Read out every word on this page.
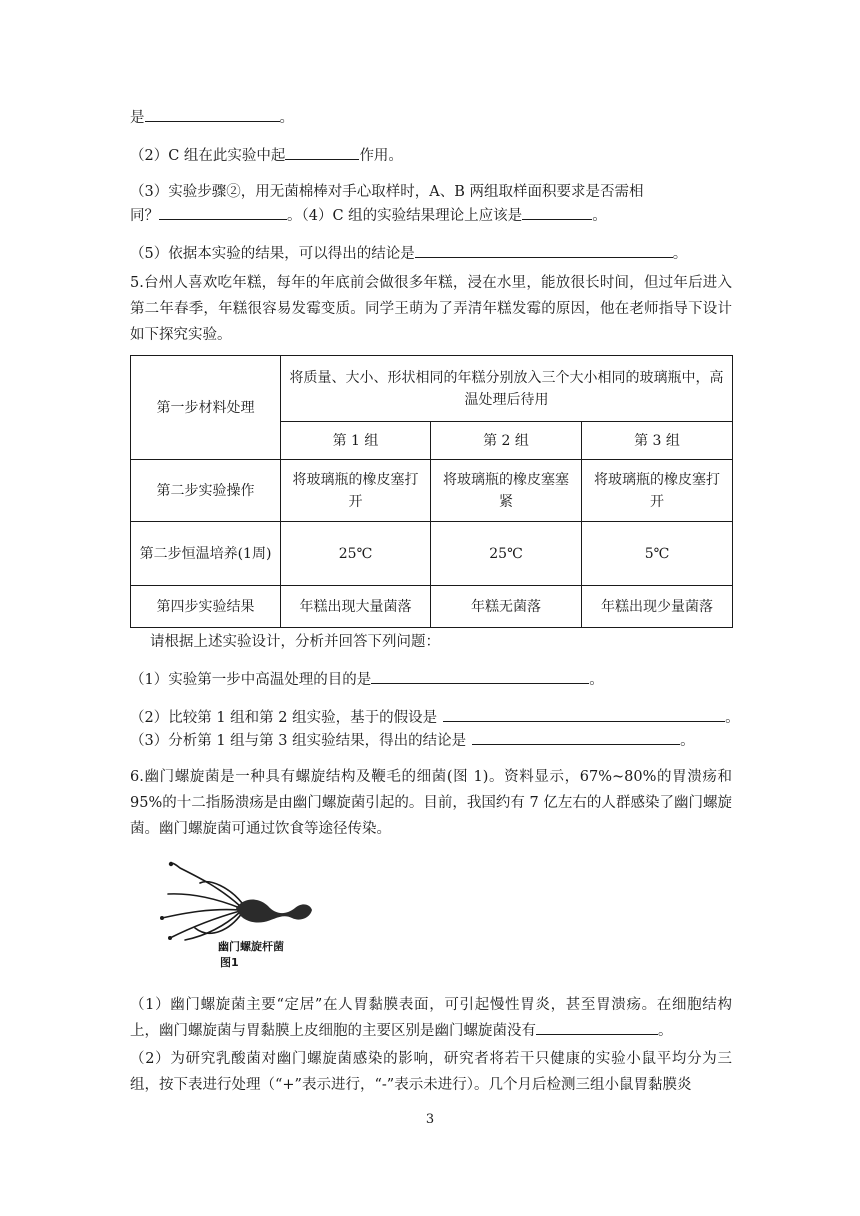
是	。
（2）C 组在此实验中起	作用。
（3）实验步骤②，用无菌棉棒对手心取样时，A、B 两组取样面积要求是否需相
同？	。（4）C 组的实验结果理论上应该是	。
（5）依据本实验的结果，可以得出的结论是	。
5.台州人喜欢吃年糕，每年的年底前会做很多年糕，浸在水里，能放很长时间，但过年后进入第二年春季，年糕很容易发霉变质。同学王萌为了弄清年糕发霉的原因，他在老师指导下设计如下探究实验。
第一步材料处理	将质量、大小、形状相同的年糕分别放入三个大小相同的玻璃瓶中，高温处理后待用		
	第 1 组	第 2 组	第 3 组
第二步实验操作	将玻璃瓶的橡皮塞打开	将玻璃瓶的橡皮塞塞紧	将玻璃瓶的橡皮塞打开
第二步恒温培养(1周)	25℃	25℃	5℃
第四步实验结果	年糕出现大量菌落	年糕无菌落	年糕出现少量菌落
请根据上述实验设计，分析并回答下列问题：
（1）实验第一步中高温处理的目的是	。
（2）比较第 1 组和第 2 组实验，基于的假设是	。
（3）分析第 1 组与第 3 组实验结果，得出的结论是	。
6.幽门螺旋菌是一种具有螺旋结构及鞭毛的细菌(图 1)。资料显示，67%~80%的胃溃疡和 95%的十二指肠溃疡是由幽门螺旋菌引起的。目前，我国约有 7 亿左右的人群感染了幽门螺旋菌。幽门螺旋菌可通过饮食等途径传染。
幽门螺旋杆菌
图1
（1）幽门螺旋菌主要“定居”在人胃黏膜表面，可引起慢性胃炎，甚至胃溃疡。在细胞结构上，幽门螺旋菌与胃黏膜上皮细胞的主要区别是幽门螺旋菌没有	。
（2）为研究乳酸菌对幽门螺旋菌感染的影响，研究者将若干只健康的实验小鼠平均分为三组，按下表进行处理（“+”表示进行，“-”表示未进行）。几个月后检测三组小鼠胃黏膜炎
3
